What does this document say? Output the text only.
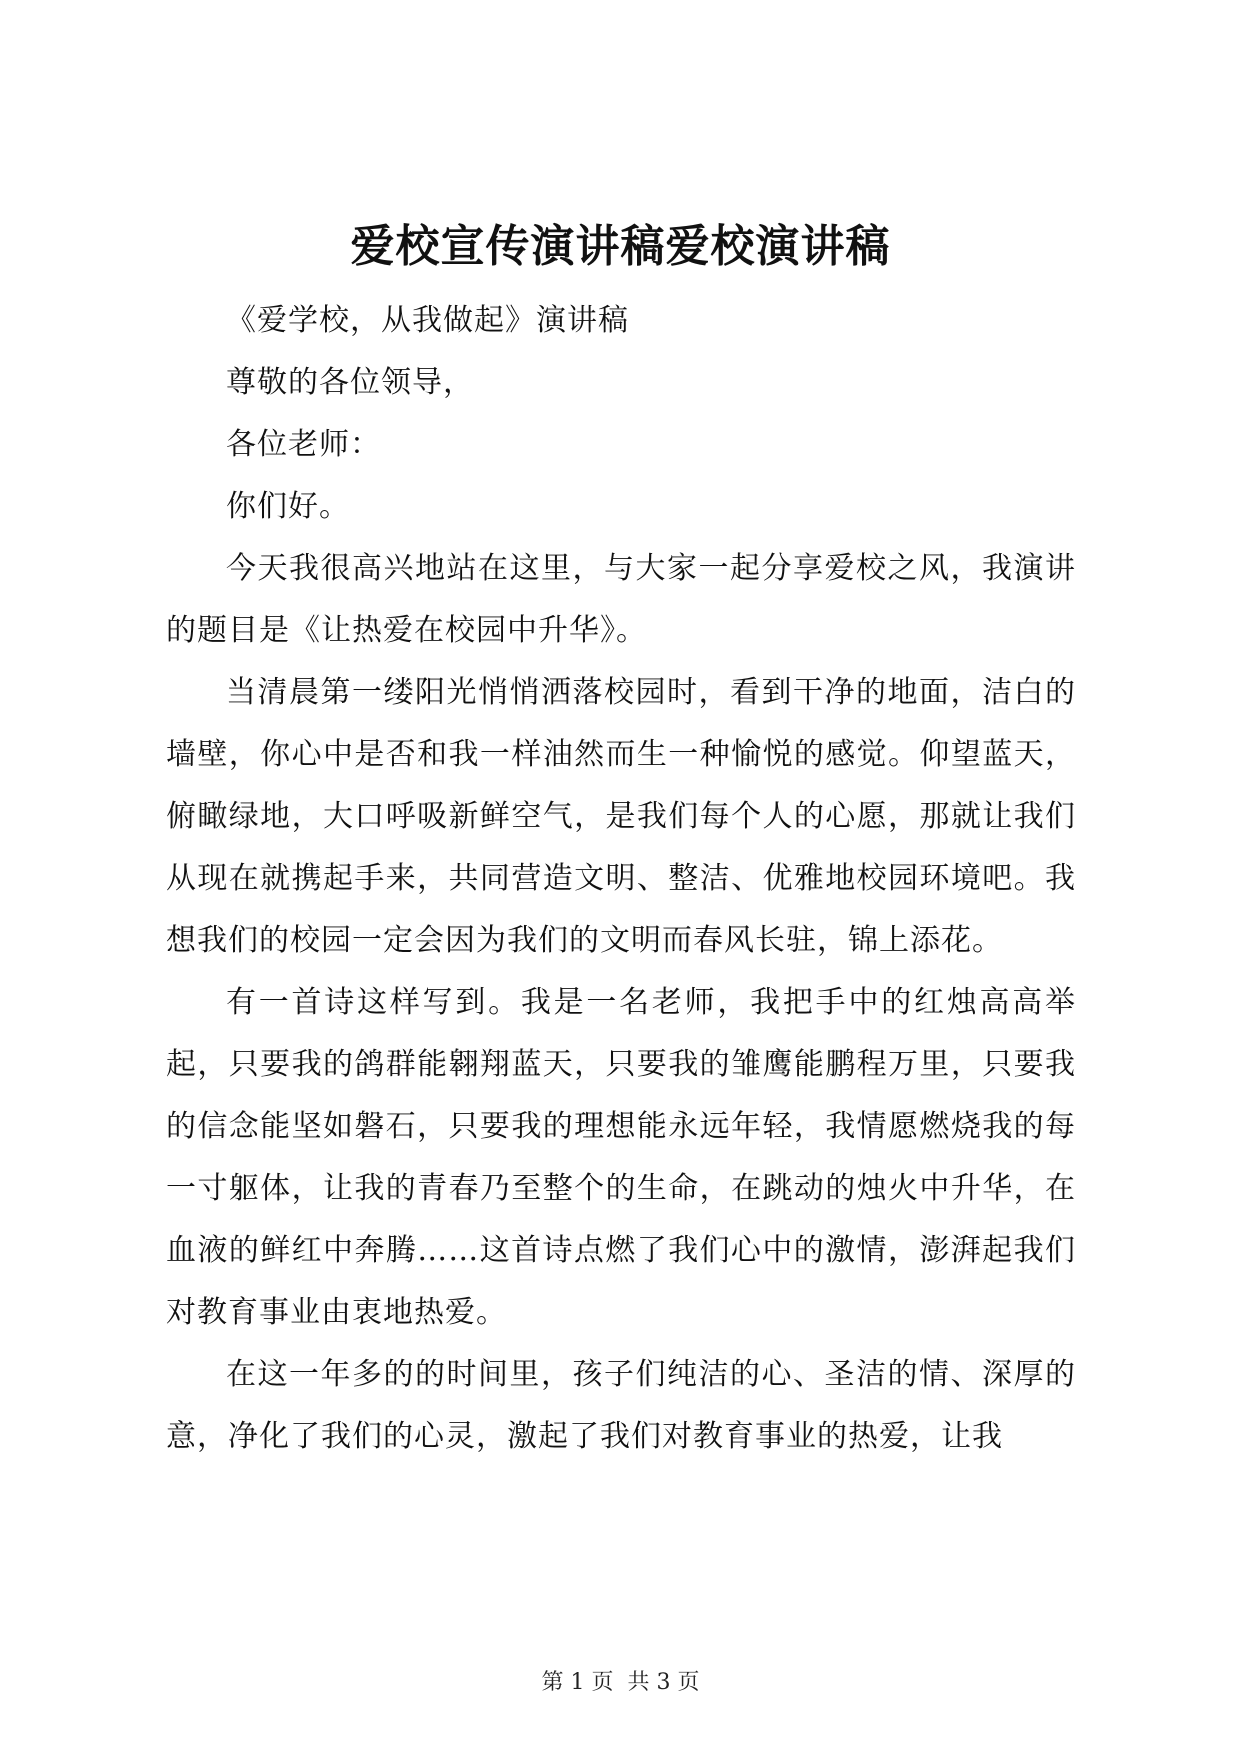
爱校宣传演讲稿爱校演讲稿

《爱学校，从我做起》演讲稿

尊敬的各位领导，

各位老师：

你们好。

今天我很高兴地站在这里，与大家一起分享爱校之风，我演讲的题目是《让热爱在校园中升华》。

当清晨第一缕阳光悄悄洒落校园时，看到干净的地面，洁白的墙壁，你心中是否和我一样油然而生一种愉悦的感觉。仰望蓝天，俯瞰绿地，大口呼吸新鲜空气，是我们每个人的心愿，那就让我们从现在就携起手来，共同营造文明、整洁、优雅地校园环境吧。我想我们的校园一定会因为我们的文明而春风长驻，锦上添花。

有一首诗这样写到。我是一名老师，我把手中的红烛高高举起，只要我的鸽群能翱翔蓝天，只要我的雏鹰能鹏程万里，只要我的信念能坚如磐石，只要我的理想能永远年轻，我情愿燃烧我的每一寸躯体，让我的青春乃至整个的生命，在跳动的烛火中升华，在血液的鲜红中奔腾……这首诗点燃了我们心中的激情，澎湃起我们对教育事业由衷地热爱。

在这一年多的的时间里，孩子们纯洁的心、圣洁的情、深厚的意，净化了我们的心灵，激起了我们对教育事业的热爱，让我

第 1 页  共 3 页
